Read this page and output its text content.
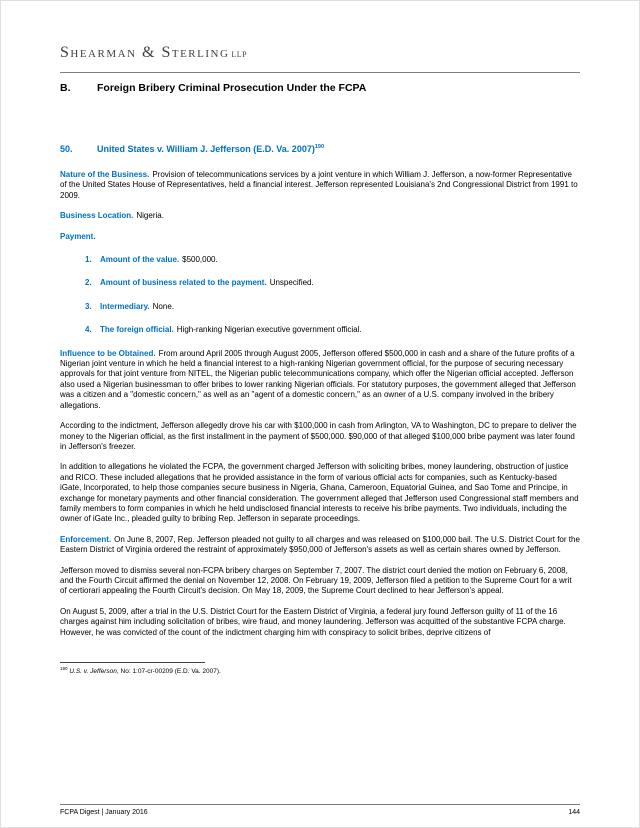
Shearman & Sterling LLP
B.	Foreign Bribery Criminal Prosecution Under the FCPA
50.	United States v. William J. Jefferson (E.D. Va. 2007)$^{190}$

Nature of the Business. Provision of telecommunications services by a joint venture in which William J. Jefferson, a now-former Representative of the United States House of Representatives, held a financial interest. Jefferson represented Louisiana's 2nd Congressional District from 1991 to 2009.

Business Location. Nigeria.

Payment.

1.	Amount of the value. $500,000.
2.	Amount of business related to the payment. Unspecified.
3.	Intermediary. None.
4.	The foreign official. High-ranking Nigerian executive government official.

Influence to be Obtained. From around April 2005 through August 2005, Jefferson offered $500,000 in cash and a share of the future profits of a Nigerian joint venture in which he held a financial interest to a high-ranking Nigerian government official, for the purpose of securing necessary approvals for that joint venture from NITEL, the Nigerian public telecommunications company, which offer the Nigerian official accepted. Jefferson also used a Nigerian businessman to offer bribes to lower ranking Nigerian officials. For statutory purposes, the government alleged that Jefferson was a citizen and a "domestic concern," as well as an "agent of a domestic concern," as an owner of a U.S. company involved in the bribery allegations.

According to the indictment, Jefferson allegedly drove his car with $100,000 in cash from Arlington, VA to Washington, DC to prepare to deliver the money to the Nigerian official, as the first installment in the payment of $500,000. $90,000 of that alleged $100,000 bribe payment was later found in Jefferson's freezer.

In addition to allegations he violated the FCPA, the government charged Jefferson with soliciting bribes, money laundering, obstruction of justice and RICO. These included allegations that he provided assistance in the form of various official acts for companies, such as Kentucky-based iGate, Incorporated, to help those companies secure business in Nigeria, Ghana, Cameroon, Equatorial Guinea, and Sao Tome and Principe, in exchange for monetary payments and other financial consideration. The government alleged that Jefferson used Congressional staff members and family members to form companies in which he held undisclosed financial interests to receive his bribe payments. Two individuals, including the owner of iGate Inc., pleaded guilty to bribing Rep. Jefferson in separate proceedings.

Enforcement. On June 8, 2007, Rep. Jefferson pleaded not guilty to all charges and was released on $100,000 bail. The U.S. District Court for the Eastern District of Virginia ordered the restraint of approximately $950,000 of Jefferson's assets as well as certain shares owned by Jefferson.

Jefferson moved to dismiss several non-FCPA bribery charges on September 7, 2007. The district court denied the motion on February 6, 2008, and the Fourth Circuit affirmed the denial on November 12, 2008. On February 19, 2009, Jefferson filed a petition to the Supreme Court for a writ of certiorari appealing the Fourth Circuit's decision. On May 18, 2009, the Supreme Court declined to hear Jefferson's appeal.

On August 5, 2009, after a trial in the U.S. District Court for the Eastern District of Virginia, a federal jury found Jefferson guilty of 11 of the 16 charges against him including solicitation of bribes, wire fraud, and money laundering. Jefferson was acquitted of the substantive FCPA charge. However, he was convicted of the count of the indictment charging him with conspiracy to solicit bribes, deprive citizens of

$^{190}$ U.S. v. Jefferson, No: 1:07-cr-00209 (E.D. Va. 2007).
FCPA Digest | January 2016	144
